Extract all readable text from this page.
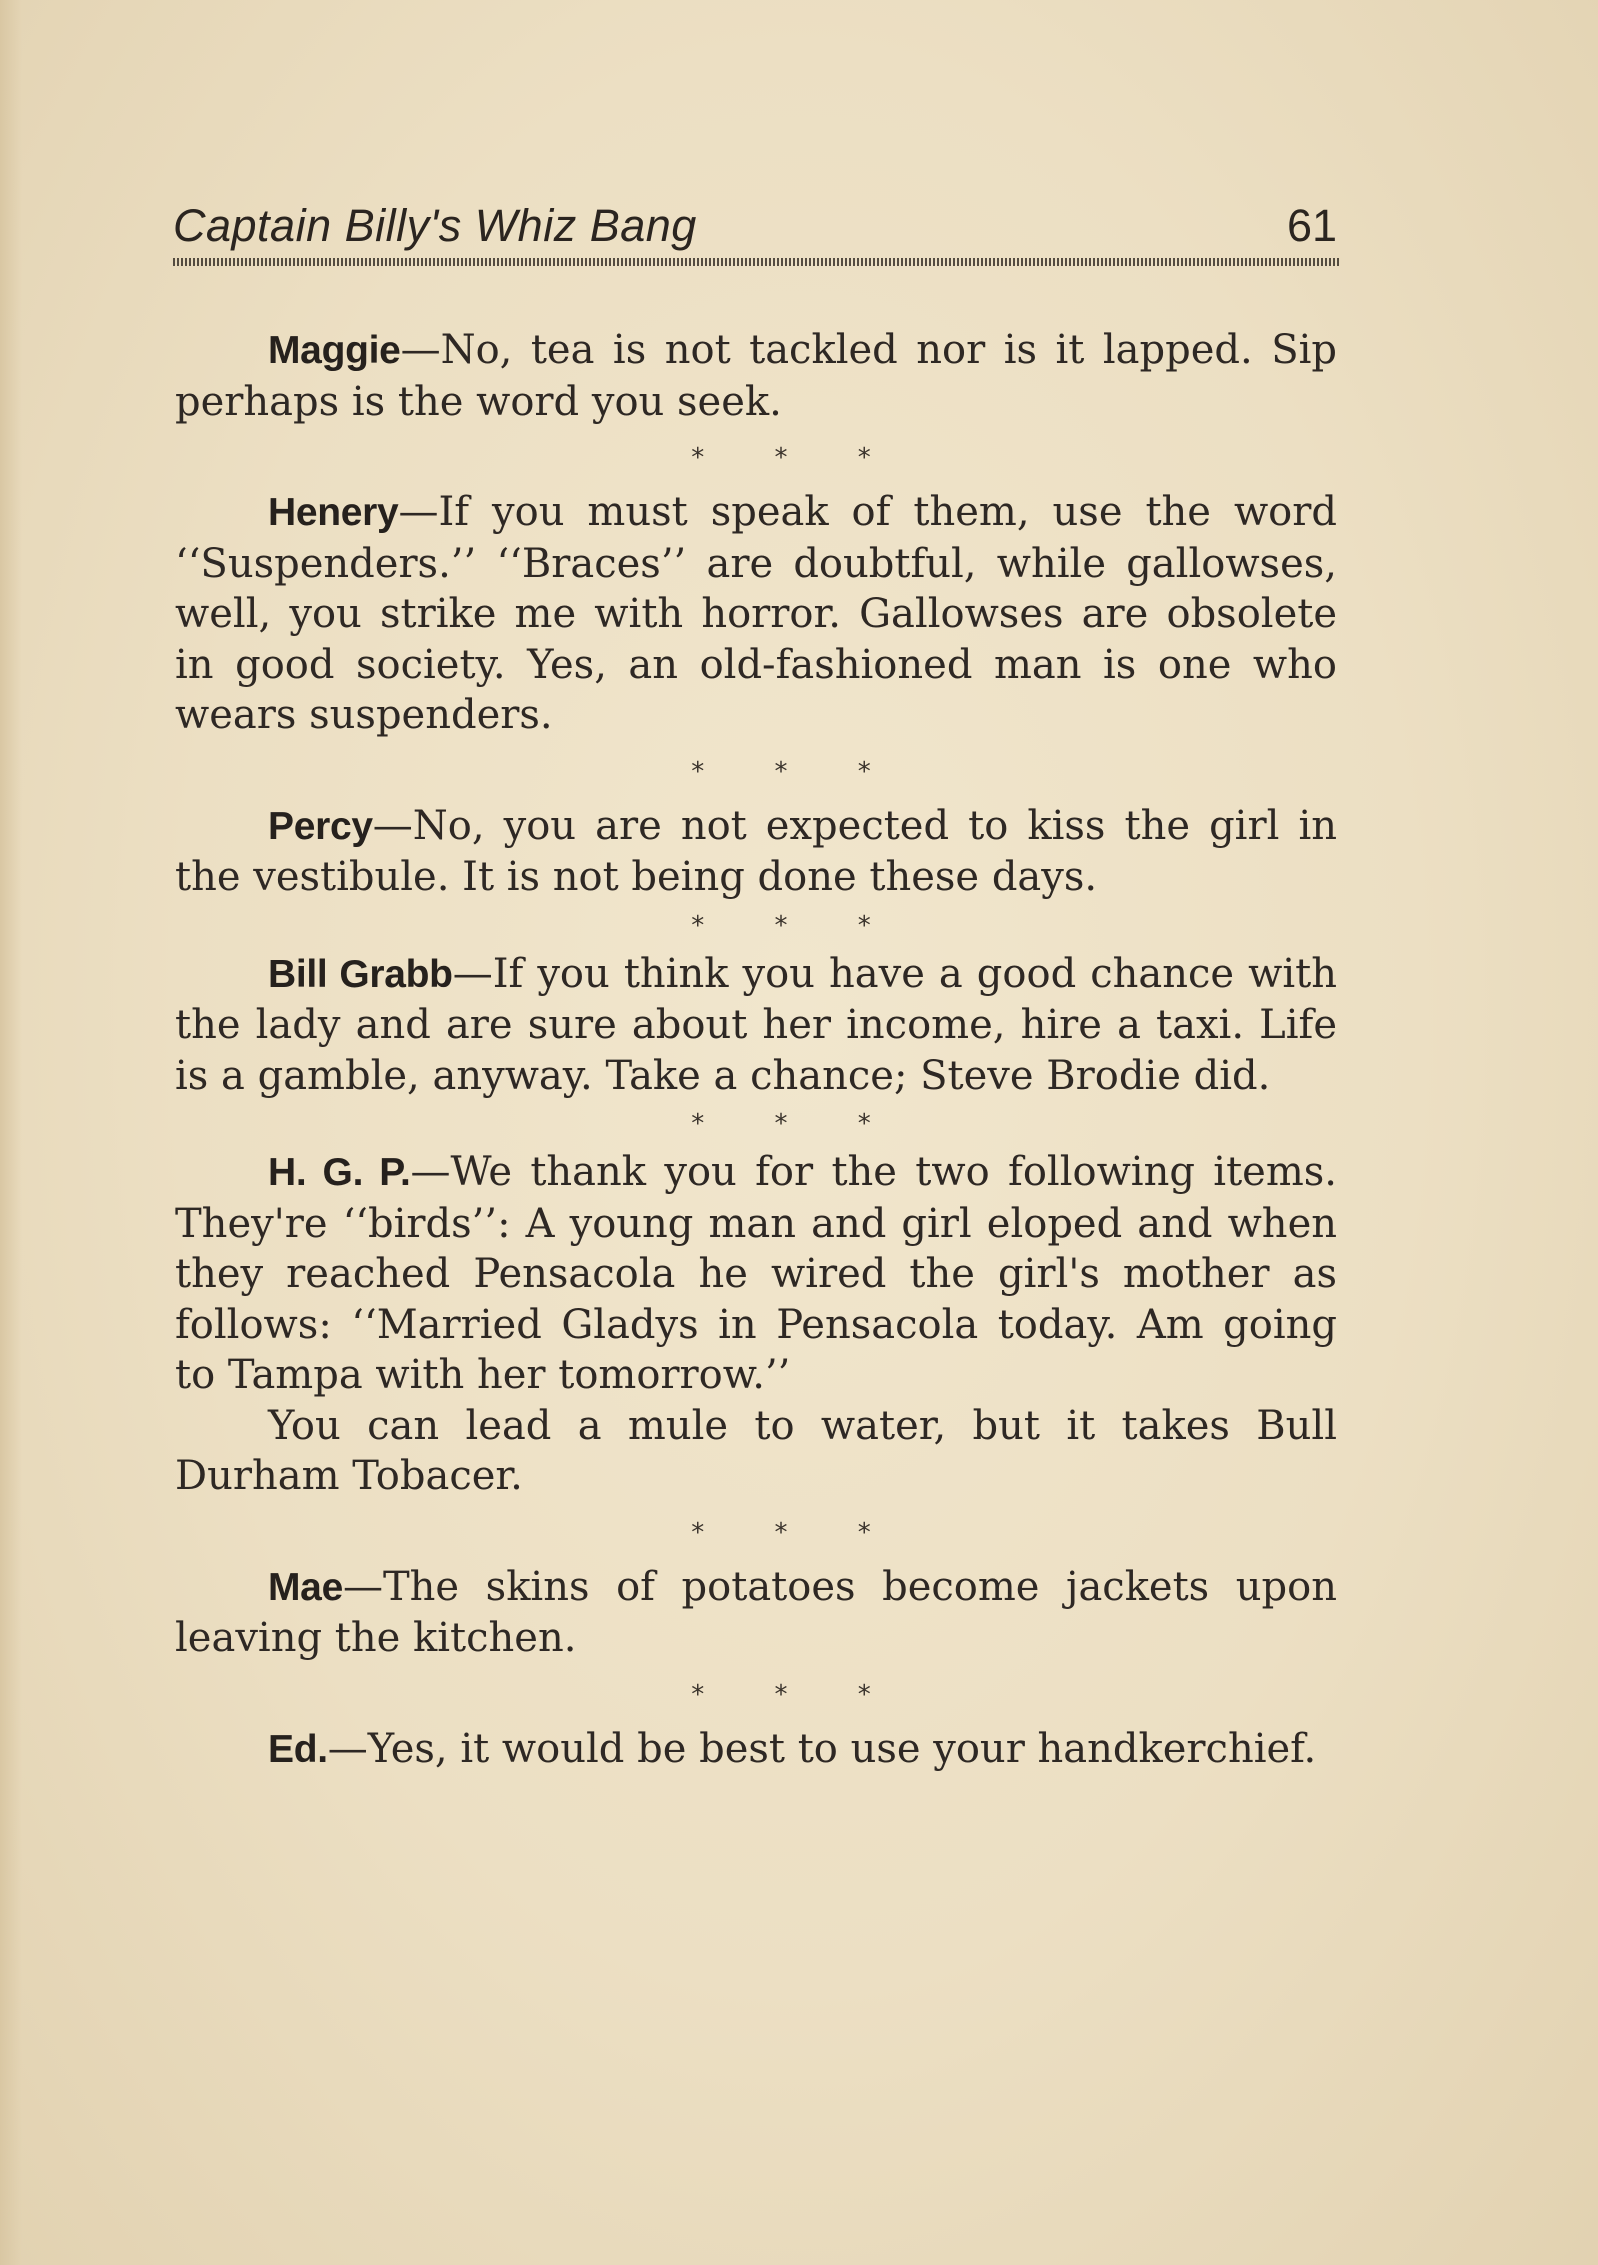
Captain Billy's Whiz Bang	61

Maggie—No, tea is not tackled nor is it lapped. Sip perhaps is the word you seek.

* * *

Henery—If you must speak of them, use the word ‘‘Suspenders.’’ ‘‘Braces’’ are doubtful, while gallowses, well, you strike me with horror. Gallowses are obsolete in good society. Yes, an old-fashioned man is one who wears suspenders.

* * *

Percy—No, you are not expected to kiss the girl in the vestibule. It is not being done these days.

* * *

Bill Grabb—If you think you have a good chance with the lady and are sure about her income, hire a taxi. Life is a gamble, anyway. Take a chance; Steve Brodie did.

* * *

H. G. P.—We thank you for the two following items. They're ‘‘birds’’: A young man and girl eloped and when they reached Pensacola he wired the girl's mother as follows: ‘‘Married Gladys in Pensacola today. Am going to Tampa with her tomorrow.’’

You can lead a mule to water, but it takes Bull Durham Tobacer.

* * *

Mae—The skins of potatoes become jackets upon leaving the kitchen.

* * *

Ed.—Yes, it would be best to use your handkerchief.
